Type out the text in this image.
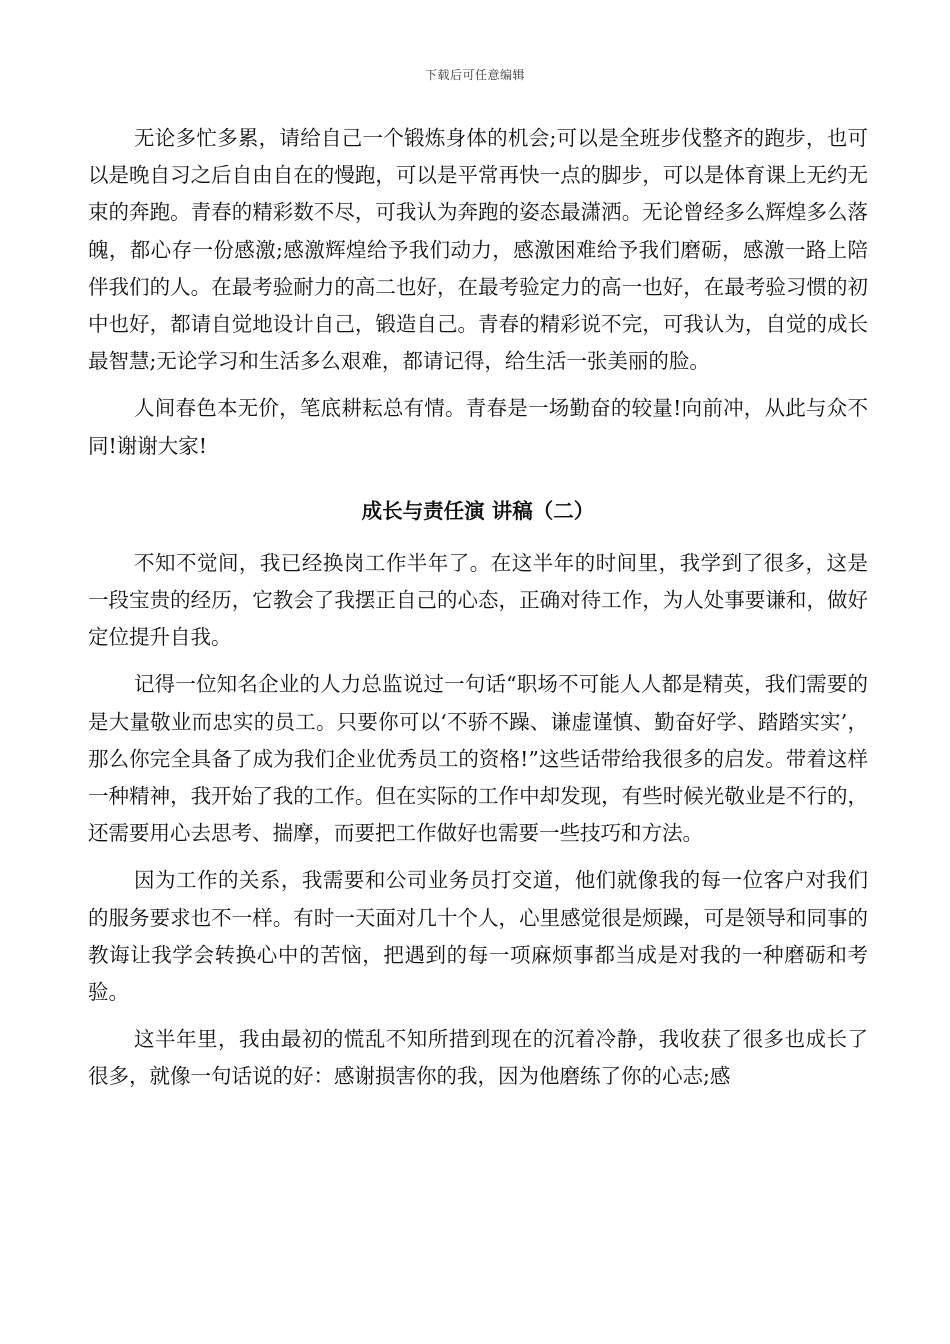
下载后可任意编辑

无论多忙多累，请给自己一个锻炼身体的机会;可以是全班步伐整齐的跑步，也可以是晚自习之后自由自在的慢跑，可以是平常再快一点的脚步，可以是体育课上无约无束的奔跑。青春的精彩数不尽，可我认为奔跑的姿态最潇洒。无论曾经多么辉煌多么落魄，都心存一份感激;感激辉煌给予我们动力，感激困难给予我们磨砺，感激一路上陪伴我们的人。在最考验耐力的高二也好，在最考验定力的高一也好，在最考验习惯的初中也好，都请自觉地设计自己，锻造自己。青春的精彩说不完，可我认为，自觉的成长最智慧;无论学习和生活多么艰难，都请记得，给生活一张美丽的脸。

人间春色本无价，笔底耕耘总有情。青春是一场勤奋的较量!向前冲，从此与众不同!谢谢大家!

成长与责任演 讲稿（二）

不知不觉间，我已经换岗工作半年了。在这半年的时间里，我学到了很多，这是一段宝贵的经历，它教会了我摆正自己的心态，正确对待工作，为人处事要谦和，做好定位提升自我。

记得一位知名企业的人力总监说过一句话“职场不可能人人都是精英，我们需要的是大量敬业而忠实的员工。只要你可以‘不骄不躁、谦虚谨慎、勤奋好学、踏踏实实’，那么你完全具备了成为我们企业优秀员工的资格!”这些话带给我很多的启发。带着这样一种精神，我开始了我的工作。但在实际的工作中却发现，有些时候光敬业是不行的，还需要用心去思考、揣摩，而要把工作做好也需要一些技巧和方法。

因为工作的关系，我需要和公司业务员打交道，他们就像我的每一位客户对我们的服务要求也不一样。有时一天面对几十个人，心里感觉很是烦躁，可是领导和同事的教诲让我学会转换心中的苦恼，把遇到的每一项麻烦事都当成是对我的一种磨砺和考验。

这半年里，我由最初的慌乱不知所措到现在的沉着冷静，我收获了很多也成长了很多，就像一句话说的好：感谢损害你的我，因为他磨练了你的心志;感
